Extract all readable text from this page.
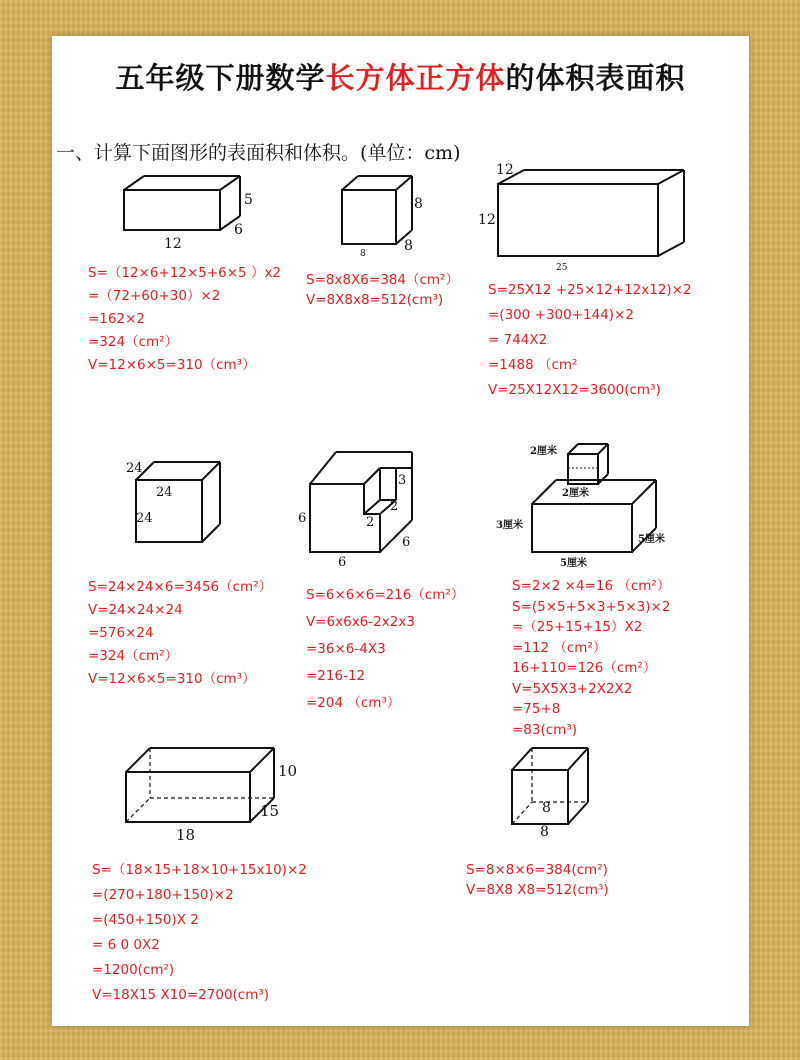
五年级下册数学长方体正方体的体积表面积
一、计算下面图形的表面积和体积。(单位：cm)
5
6
12
8
8
8
12
12
25
S=（12×6+12×5+6×5 ）x2
=（72+60+30）×2
=162×2
=324（cm²）
V=12×6×5=310（cm³）
S=8x8X6=384（cm²）
V=8X8x8=512(cm³)
S=25X12 +25×12+12x12)×2
=(300 +300+144)×2
= 744X2
=1488 （cm²
V=25X12X12=3600(cm³)
24
24
24
3
2
2
6
6
6
2厘米
2厘米
3厘米
5厘米
5厘米
S=24×24×6=3456（cm²）
V=24×24×24
=576×24
=324（cm²）
V=12×6×5=310（cm³）
S=6×6×6=216（cm²）
V=6x6x6-2x2x3
=36×6-4X3
=216-12
=204 （cm³）
S=2×2 ×4=16 （cm²）
S=(5×5+5×3+5×3)×2
=（25+15+15）X2
=112 （cm²）
16+110=126（cm²）
V=5X5X3+2X2X2
=75+8
=83(cm³)
10
15
18
8
8
S=（18×15+18×10+15x10)×2
=(270+180+150)×2
=(450+150)X 2
= 6 0 0X2
=1200(cm²)
V=18X15 X10=2700(cm³)
S=8×8×6=384(cm²)
V=8X8 X8=512(cm³)
